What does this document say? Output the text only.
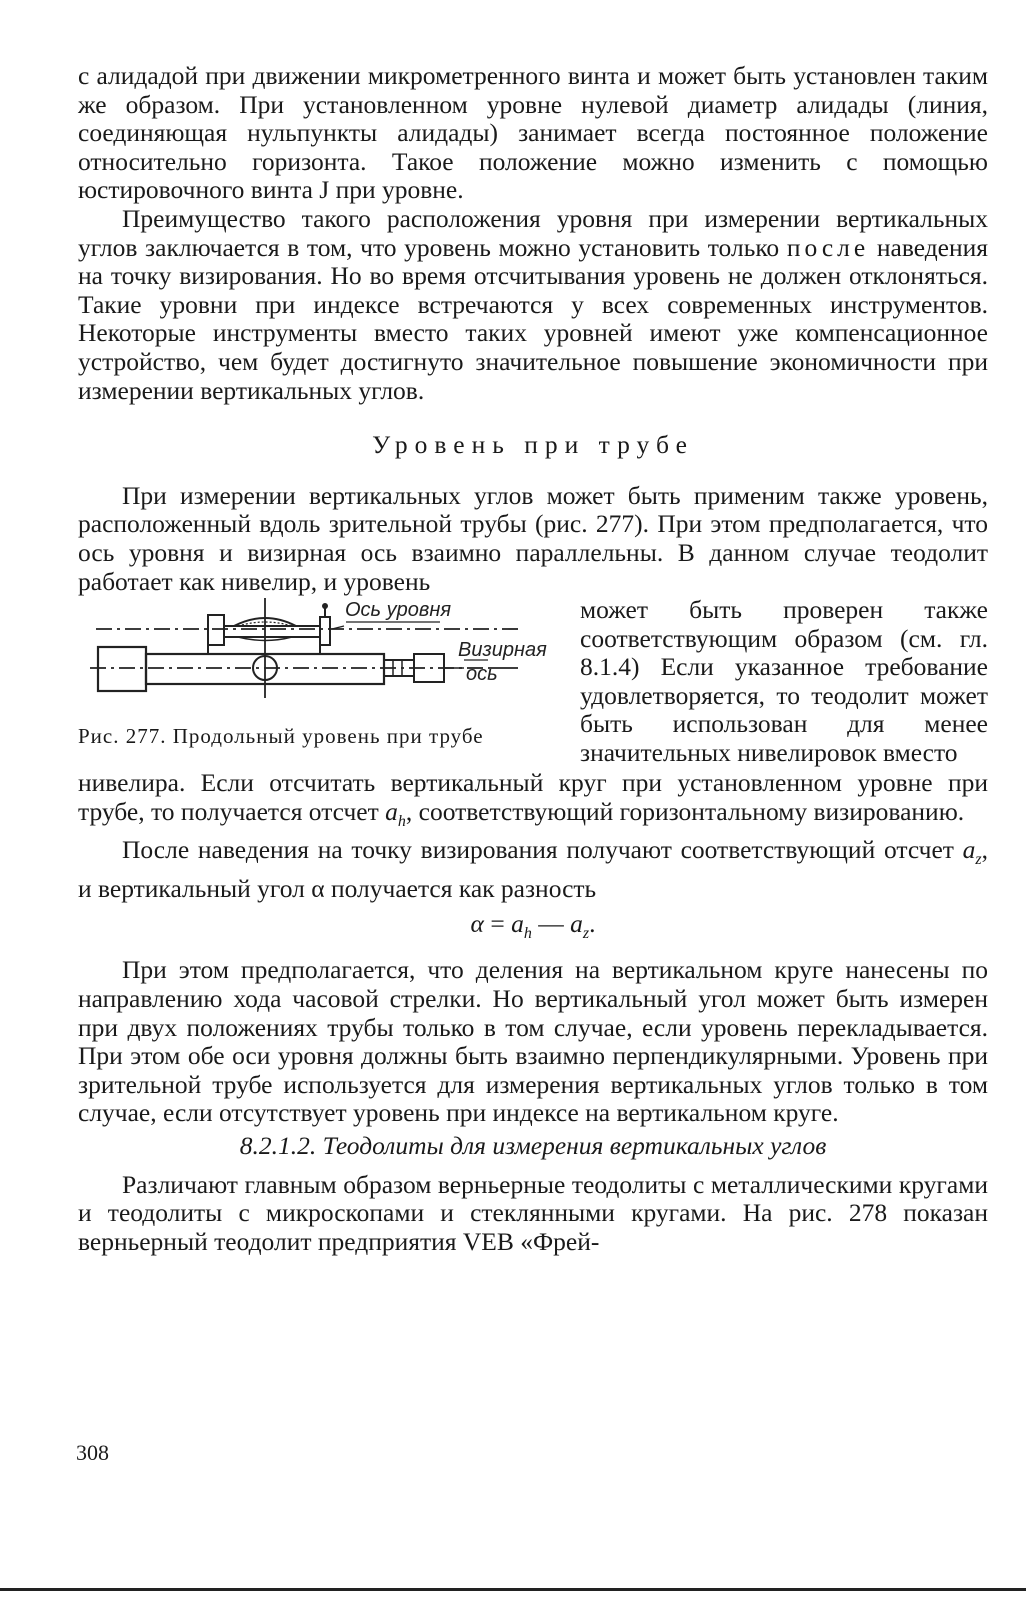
с алидадой при движении микрометренного винта и может быть установлен таким же образом. При установленном уровне нулевой диаметр алидады (линия, соединяющая нульпункты алидады) занимает всегда постоянное положение относительно горизонта. Такое положение можно изменить с помощью юстировочного винта J при уровне.

Преимущество такого расположения уровня при измерении вертикальных углов заключается в том, что уровень можно установить только после наведения на точку визирования. Но во время отсчитывания уровень не должен отклоняться. Такие уровни при индексе встречаются у всех современных инструментов. Некоторые инструменты вместо таких уровней имеют уже компенсационное устройство, чем будет достигнуто значительное повышение экономичности при измерении вертикальных углов.

Уровень при трубе

При измерении вертикальных углов может быть применим также уровень, расположенный вдоль зрительной трубы (рис. 277). При этом предполагается, что ось уровня и визирная ось взаимно параллельны. В данном случае теодолит работает как нивелир, и уровень

Ось уровня
Визирная
ось
Рис. 277. Продольный уровень при трубе

может быть проверен также соответствующим образом (см. гл. 8.1.4) Если указанное требование удовлетворяется, то теодолит может быть использован для менее значительных нивелировок вместо

нивелира. Если отсчитать вертикальный круг при установленном уровне при трубе, то получается отсчет $a_h$, соответствующий горизонтальному визированию.

После наведения на точку визирования получают соответствующий отсчет $a_z$, и вертикальный угол α получается как разность

$\alpha = a_h$ — $a_z$.

При этом предполагается, что деления на вертикальном круге нанесены по направлению хода часовой стрелки. Но вертикальный угол может быть измерен при двух положениях трубы только в том случае, если уровень перекладывается. При этом обе оси уровня должны быть взаимно перпендикулярными. Уровень при зрительной трубе используется для измерения вертикальных углов только в том случае, если отсутствует уровень при индексе на вертикальном круге.

8.2.1.2. Теодолиты для измерения вертикальных углов

Различают главным образом верньерные теодолиты с металлическими кругами и теодолиты с микроскопами и стеклянными кругами. На рис. 278 показан верньерный теодолит предприятия VEB «Фрей-

308
